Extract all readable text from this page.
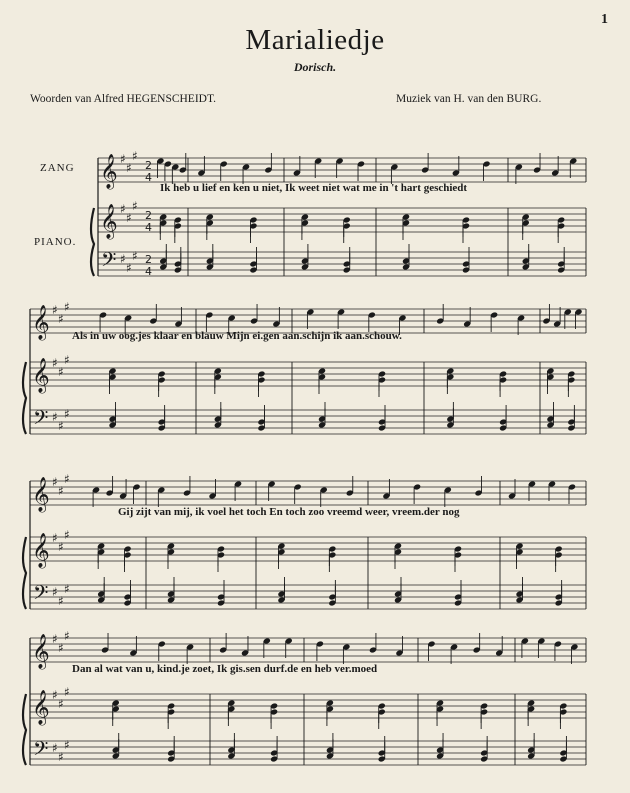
1
Marialiedje
Dorisch.
Woorden van Alfred HEGENSCHEIDT.	Muziek van H. van den BURG.
ZANG
PIANO.
𝄞
𝄞
𝄢
♯
♯
♯
♯
♯
♯
♯
♯
♯
2
4
2
4
2
4
𝄞
𝄞
𝄢
♯
♯
♯
♯
♯
♯
♯
♯
♯
𝄞
𝄞
𝄢
♯
♯
♯
♯
♯
♯
♯
♯
♯
𝄞
𝄞
𝄢
♯
♯
♯
♯
♯
♯
♯
♯
♯
Ik heb u lief en ken u niet, Ik weet niet wat me in 't hart geschiedt
Als in uw oog.jes klaar en blauw Mijn ei.gen aan.schijn ik aan.schouw.
Gij zijt van mij, ik voel het toch En toch zoo vreemd weer, vreem.der nog
Dan al wat van u, kind.je zoet, Ik gis.sen durf.de en heb ver.moed
